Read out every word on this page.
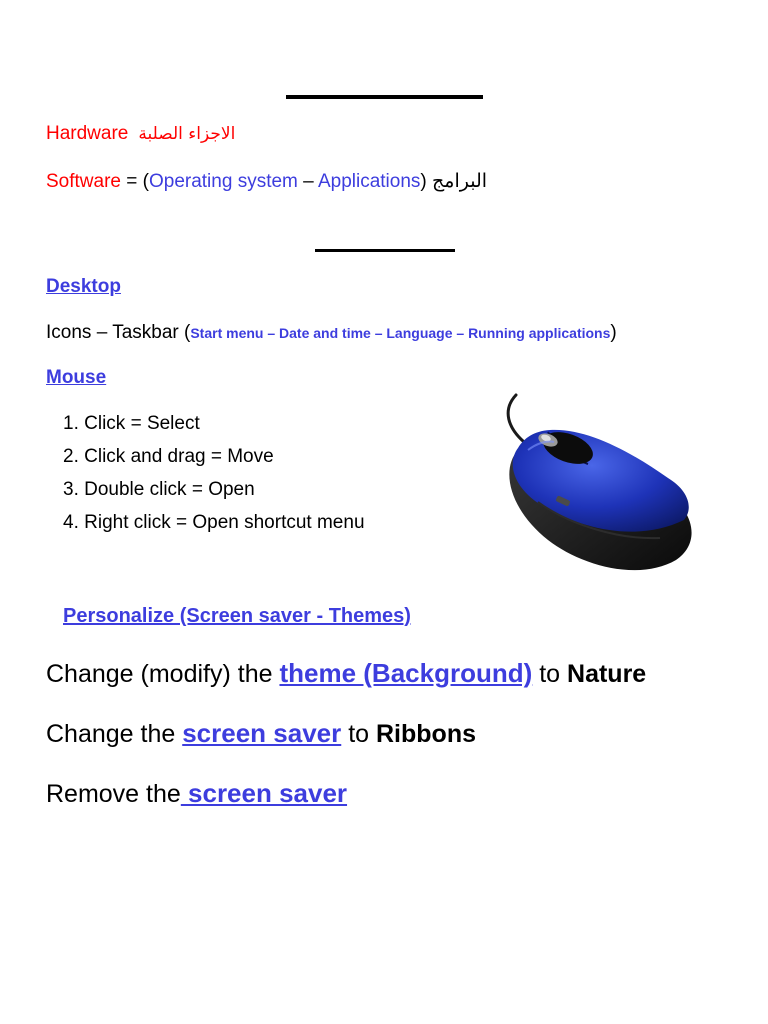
Hardware الاجزاء الصلبة
Software = (Operating system – Applications) البرامج
Desktop
Icons – Taskbar (Start menu – Date and time – Language – Running applications)
Mouse
1. Click = Select
2. Click and drag = Move
3. Double click = Open
4. Right click = Open shortcut menu
Personalize (Screen saver - Themes)
Change (modify) the theme (Background) to Nature
Change the screen saver to Ribbons
Remove the screen saver
